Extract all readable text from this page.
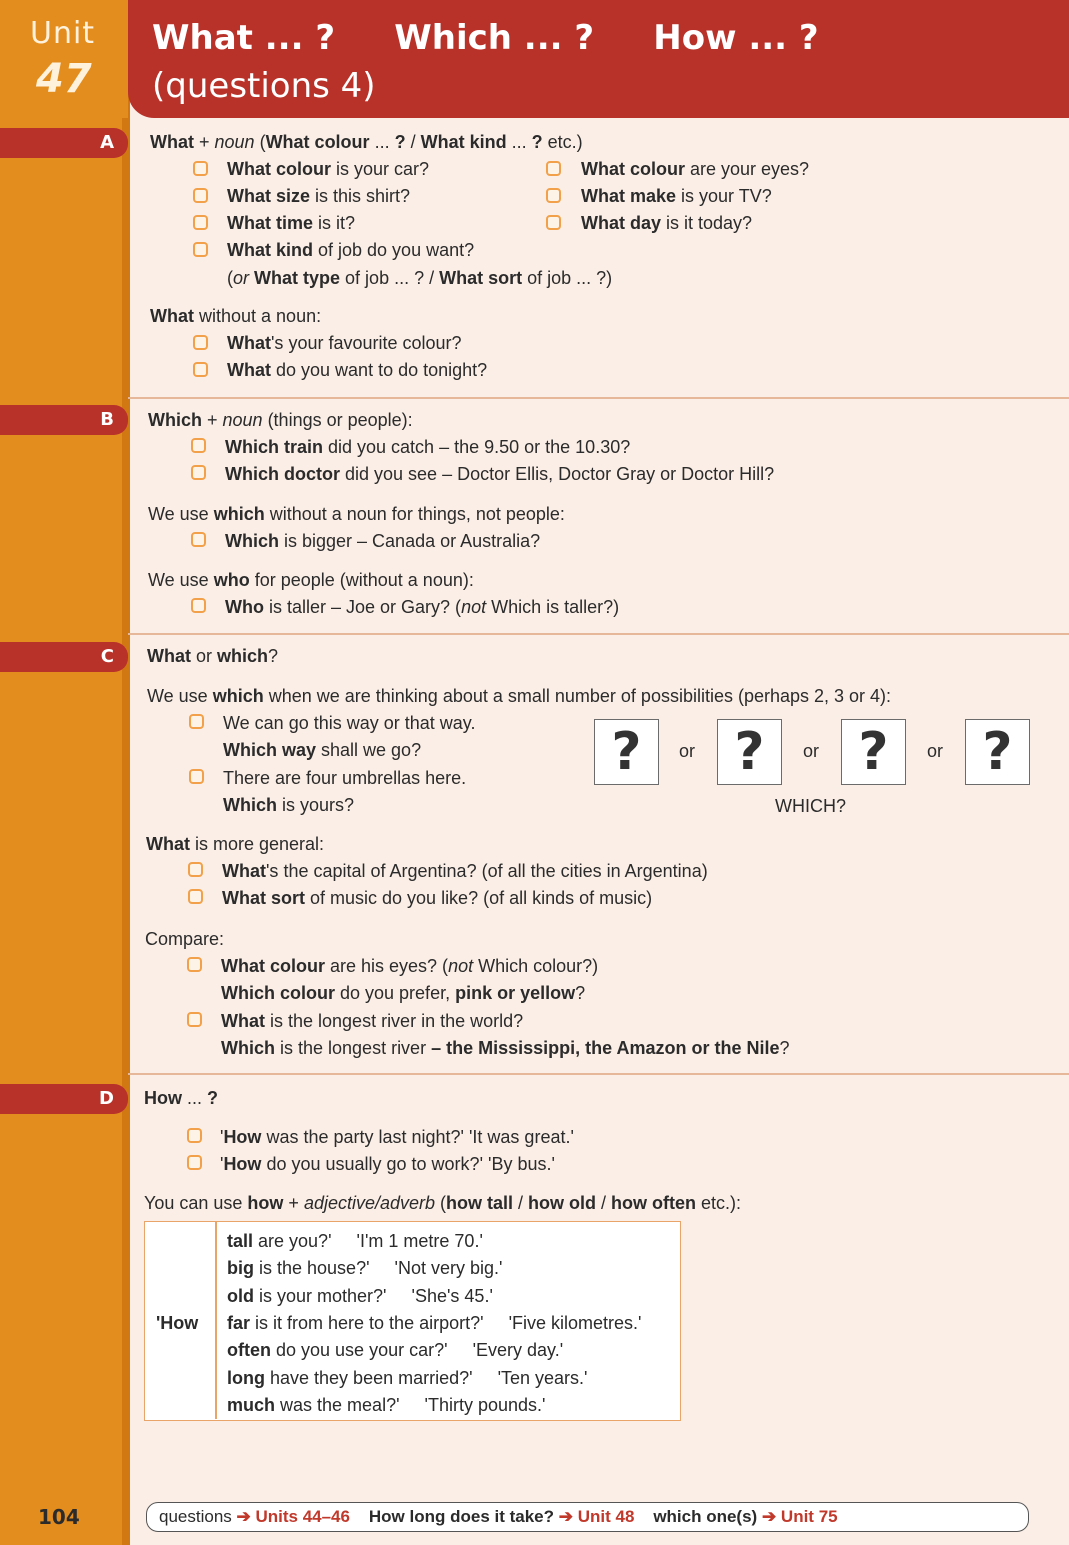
Unit
47
What ... ?     Which ... ?     How ... ?
(questions 4)
A
B
C
D
What + noun (What colour ... ? / What kind ... ? etc.)
What colour is your car?	What colour are your eyes?
What size is this shirt?	What make is your TV?
What time is it?	What day is it today?
What kind of job do you want?
(or What type of job ... ? / What sort of job ... ?)
What without a noun:
What's your favourite colour?
What do you want to do tonight?
Which + noun (things or people):
Which train did you catch – the 9.50 or the 10.30?
Which doctor did you see – Doctor Ellis, Doctor Gray or Doctor Hill?
We use which without a noun for things, not people:
Which is bigger – Canada or Australia?
We use who for people (without a noun):
Who is taller – Joe or Gary? (not Which is taller?)
What or which?
We use which when we are thinking about a small number of possibilities (perhaps 2, 3 or 4):
We can go this way or that way.
Which way shall we go?
There are four umbrellas here.
Which is yours?
?	or ?	or ?	or ?
WHICH?
What is more general:
What's the capital of Argentina? (of all the cities in Argentina)
What sort of music do you like? (of all kinds of music)
Compare:
What colour are his eyes? (not Which colour?)
Which colour do you prefer, pink or yellow?
What is the longest river in the world?
Which is the longest river – the Mississippi, the Amazon or the Nile?
How ... ?
'How was the party last night?' 'It was great.'
'How do you usually go to work?' 'By bus.'
You can use how + adjective/adverb (how tall / how old / how often etc.):
'How
tall are you?' 'I'm 1 metre 70.'
big is the house?' 'Not very big.'
old is your mother?' 'She's 45.'
far is it from here to the airport?' 'Five kilometres.'
often do you use your car?' 'Every day.'
long have they been married?' 'Ten years.'
much was the meal?' 'Thirty pounds.'
104	questions ➔ Units 44–46 How long does it take? ➔ Unit 48 which one(s) ➔ Unit 75
